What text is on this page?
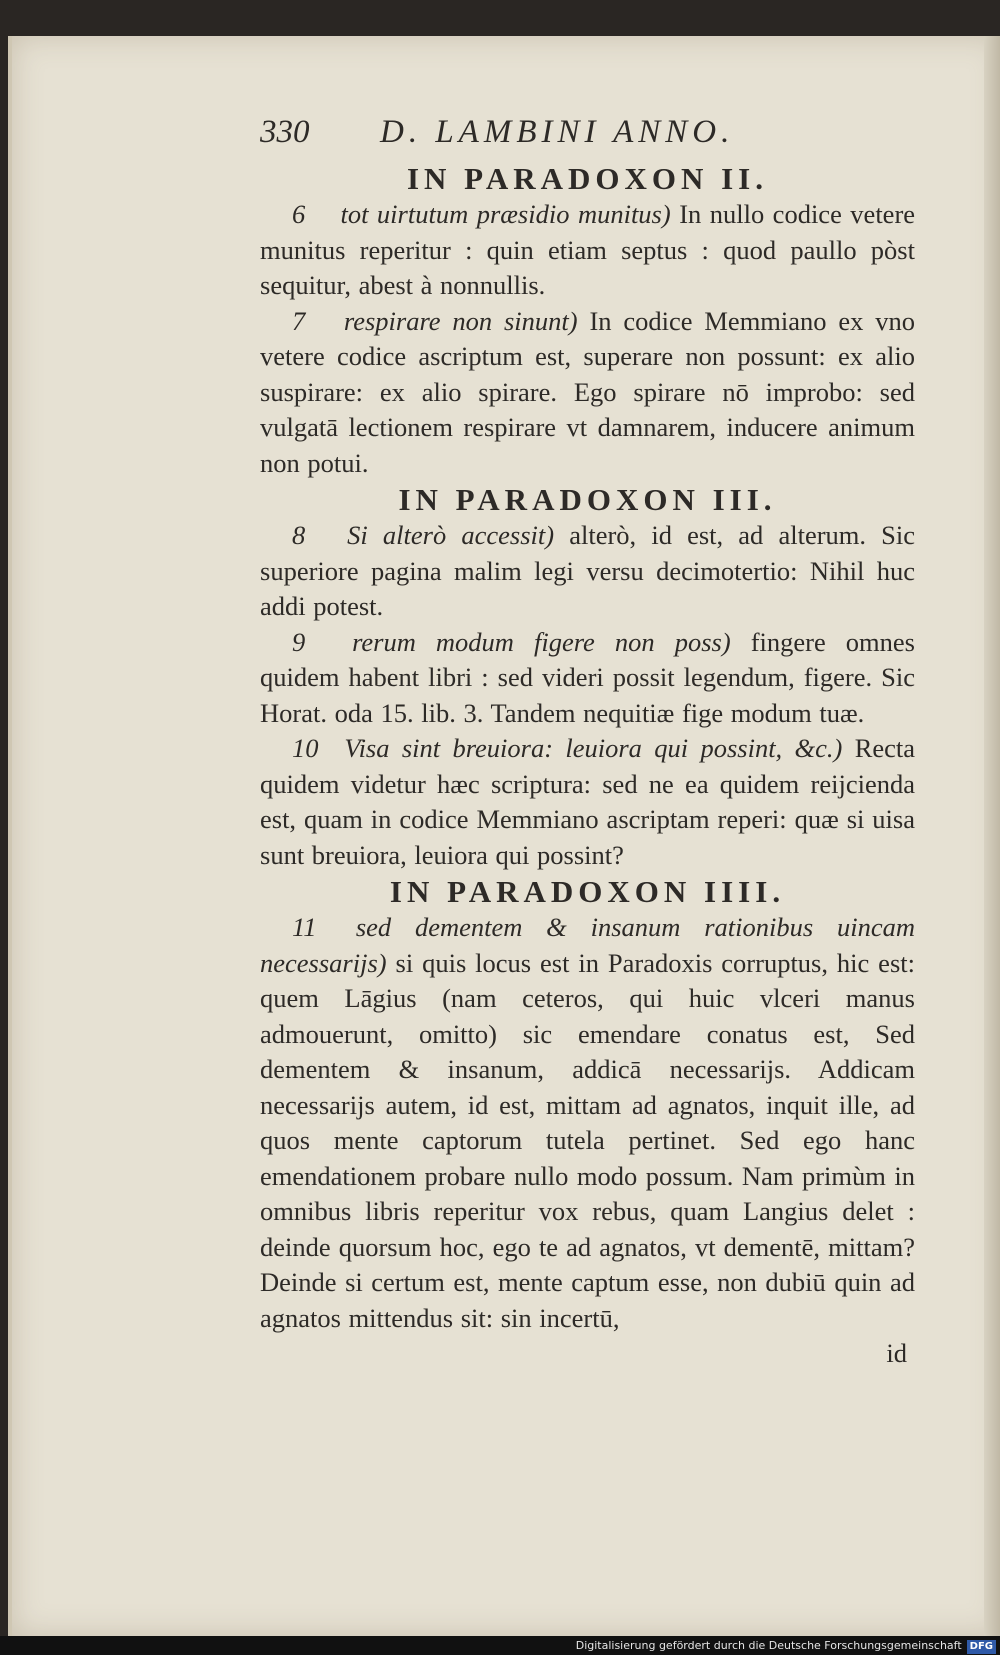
330 D. LAMBINI ANNO.
IN PARADOXON II.

6 tot uirtutum præsidio munitus) In nullo codice vetere munitus reperitur : quin etiam septus : quod paullo pòst sequitur, abest à nonnullis.

7 respirare non sinunt) In codice Memmiano ex vno vetere codice ascriptum est, superare non possunt: ex alio suspirare: ex alio spirare. Ego spirare nō improbo: sed vulgatā lectionem respirare vt damnarem, inducere animum non potui.

IN PARADOXON III.

8 Si alterò accessit) alterò, id est, ad alterum. Sic superiore pagina malim legi versu decimotertio: Nihil huc addi potest.

9 rerum modum figere non poss) fingere omnes quidem habent libri : sed videri possit legendum, figere. Sic Horat. oda 15. lib. 3. Tandem nequitiæ fige modum tuæ.

10 Visa sint breuiora: leuiora qui possint, &c.) Recta quidem videtur hæc scriptura: sed ne ea quidem reijcienda est, quam in codice Memmiano ascriptam reperi: quæ si uisa sunt breuiora, leuiora qui possint?

IN PARADOXON IIII.

11 sed dementem & insanum rationibus uincam necessarijs) si quis locus est in Paradoxis corruptus, hic est: quem Lāgius (nam ceteros, qui huic vlceri manus admouerunt, omitto) sic emendare conatus est, Sed dementem & insanum, addicā necessarijs. Addicam necessarijs autem, id est, mittam ad agnatos, inquit ille, ad quos mente captorum tutela pertinet. Sed ego hanc emendationem probare nullo modo possum. Nam primùm in omnibus libris reperitur vox rebus, quam Langius delet : deinde quorsum hoc, ego te ad agnatos, vt dementē, mittam? Deinde si certum est, mente captum esse, non dubiū quin ad agnatos mittendus sit: sin incertū,

id
Digitalisierung gefördert durch die Deutsche Forschungsgemeinschaft DFG
